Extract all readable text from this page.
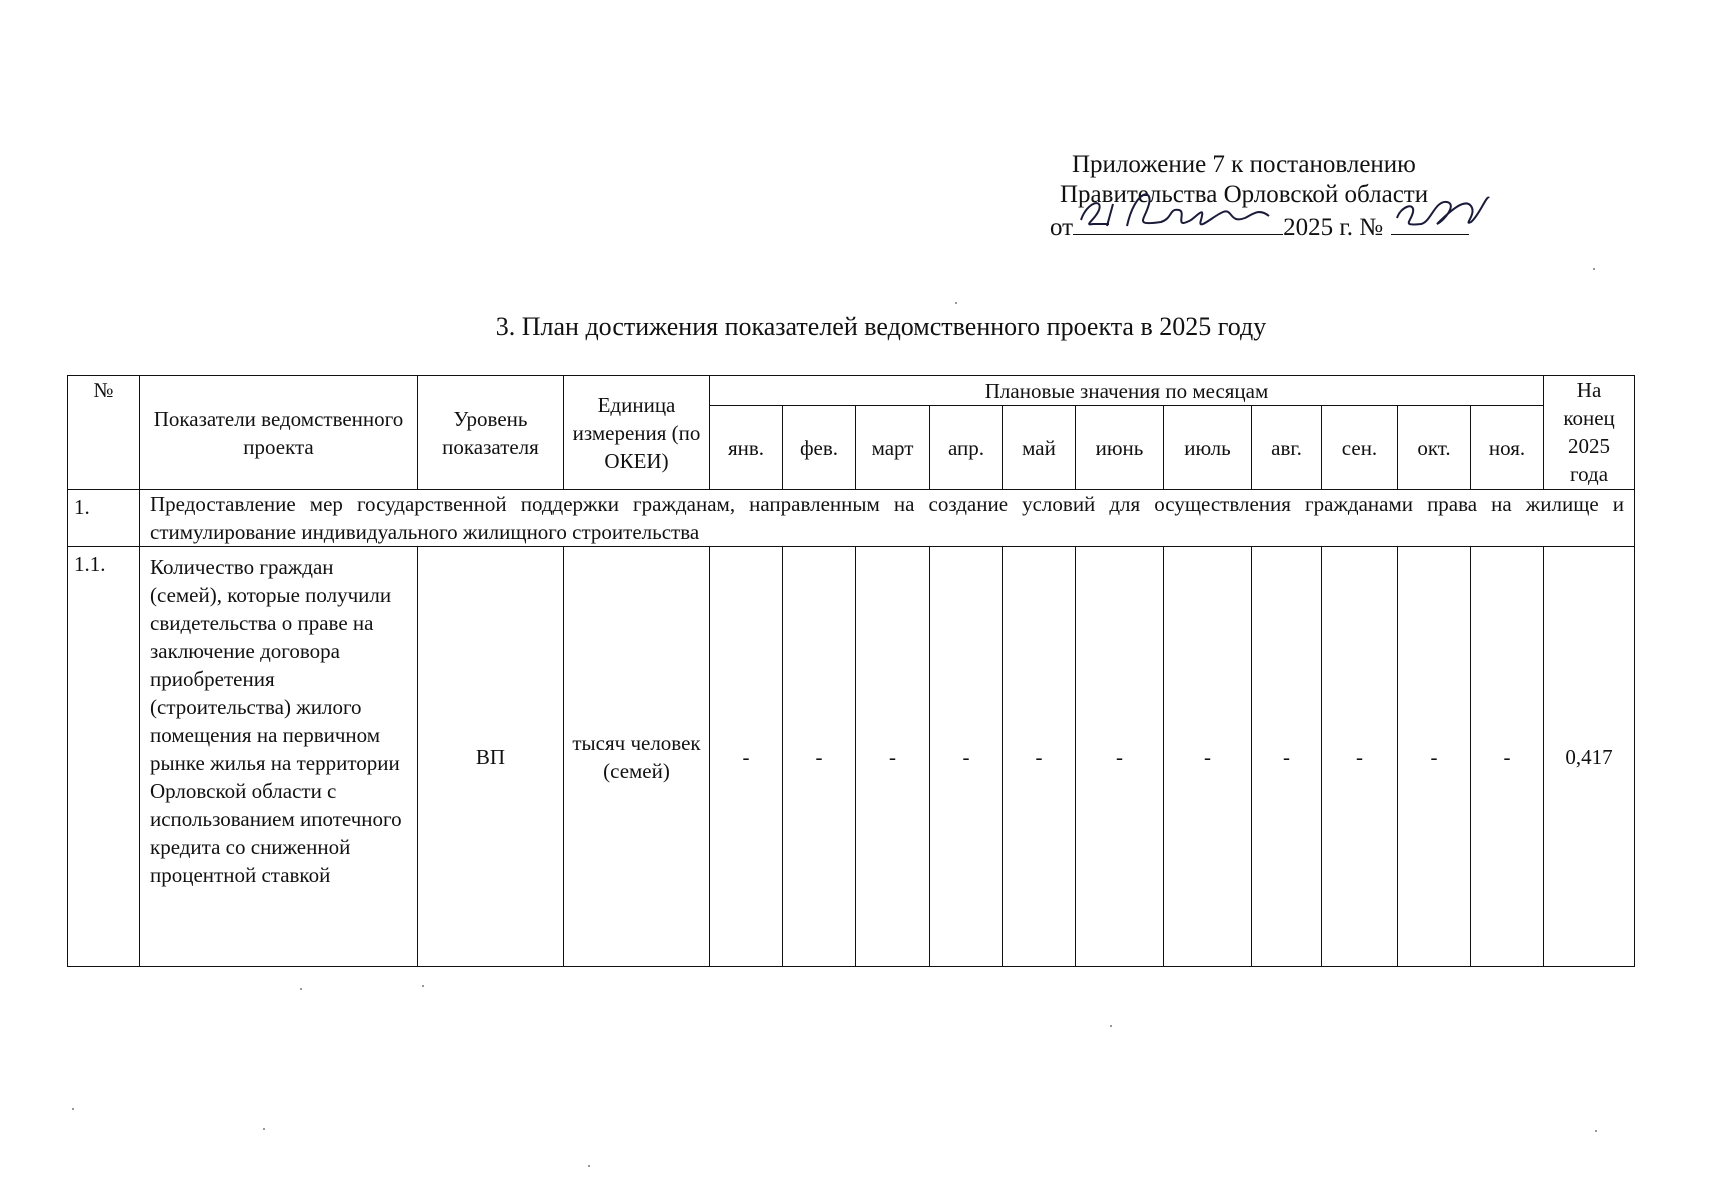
Приложение 7 к постановлению
Правительства Орловской области
от	2025 г. №
3. План достижения показателей ведомственного проекта в 2025 году
№	Показатели ведомственного проекта	Уровень показателя	Единица измерения (по ОКЕИ)	Плановые значения по месяцам											На конец 2025 года
				янв.	фев.	март	апр.	май	июнь	июль	авг.	сен.	окт.	ноя.	
1.	Предоставление мер государственной поддержки гражданам, направленным на создание условий для осуществления гражданами права на жилище и стимулирование индивидуального жилищного строительства														
1.1.	Количество граждан (семей), которые получили свидетельства о праве на заключение договора приобретения (строительства) жилого помещения на первичном рынке жилья на территории Орловской области с использованием ипотечного кредита со сниженной процентной ставкой	ВП	тысяч человек (семей)	-	-	-	-	-	-	-	-	-	-	-	0,417
